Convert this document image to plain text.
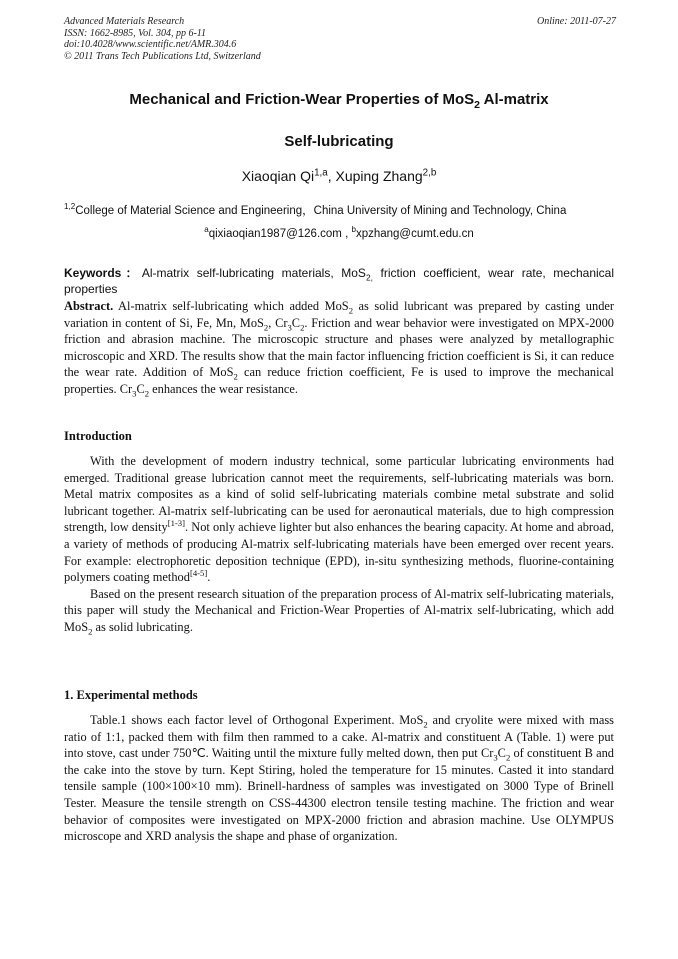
Advanced Materials Research
ISSN: 1662-8985, Vol. 304, pp 6-11
doi:10.4028/www.scientific.net/AMR.304.6
© 2011 Trans Tech Publications Ltd, Switzerland
Online: 2011-07-27
Mechanical and Friction-Wear Properties of MoS$_2$ Al-matrix
Self-lubricating
Xiaoqian Qi$^{1,a}$, Xuping Zhang$^{2,b}$
$^{1,2}$College of Material Science and Engineering，China University of Mining and Technology, China
$^a$qixiaoqian1987@126.com , $^b$xpzhang@cumt.edu.cn
Keywords：Al-matrix self-lubricating materials, MoS$_{2,}$ friction coefficient, wear rate, mechanical properties
Abstract. Al-matrix self-lubricating which added MoS$_2$ as solid lubricant was prepared by casting under variation in content of Si, Fe, Mn, MoS$_2$, $Cr_3C_2$. Friction and wear behavior were investigated on MPX-2000 friction and abrasion machine. The microscopic structure and phases were analyzed by metallographic microscopic and XRD. The results show that the main factor influencing friction coefficient is Si, it can reduce the wear rate. Addition of MoS$_2$ can reduce friction coefficient, Fe is used to improve the mechanical properties. $Cr_3C_2$ enhances the wear resistance.
Introduction

With the development of modern industry technical, some particular lubricating environments had emerged. Traditional grease lubrication cannot meet the requirements, self-lubricating materials was born. Metal matrix composites as a kind of solid self-lubricating materials combine metal substrate and solid lubricant together. Al-matrix self-lubricating can be used for aeronautical materials, due to high compression strength, low density[1-3]. Not only achieve lighter but also enhances the bearing capacity. At home and abroad, a variety of methods of producing Al-matrix self-lubricating materials have been emerged over recent years. For example: electrophoretic deposition technique (EPD), in-situ synthesizing methods, fluorine-containing polymers coating method[4-5].

Based on the present research situation of the preparation process of Al-matrix self-lubricating materials, this paper will study the Mechanical and Friction-Wear Properties of Al-matrix self-lubricating, which add MoS$_2$ as solid lubricating.

1. Experimental methods

Table.1 shows each factor level of Orthogonal Experiment. MoS$_2$ and cryolite were mixed with mass ratio of 1:1, packed them with film then rammed to a cake. Al-matrix and constituent A (Table. 1) were put into stove, cast under 750℃. Waiting until the mixture fully melted down, then put $Cr_3C_2$ of constituent B and the cake into the stove by turn. Kept Stiring, holed the temperature for 15 minutes. Casted it into standard tensile sample (100×100×10 mm). Brinell-hardness of samples was investigated on 3000 Type of Brinell Tester. Measure the tensile strength on CSS-44300 electron tensile testing machine. The friction and wear behavior of composites were investigated on MPX-2000 friction and abrasion machine. Use OLYMPUS microscope and XRD analysis the shape and phase of organization.
